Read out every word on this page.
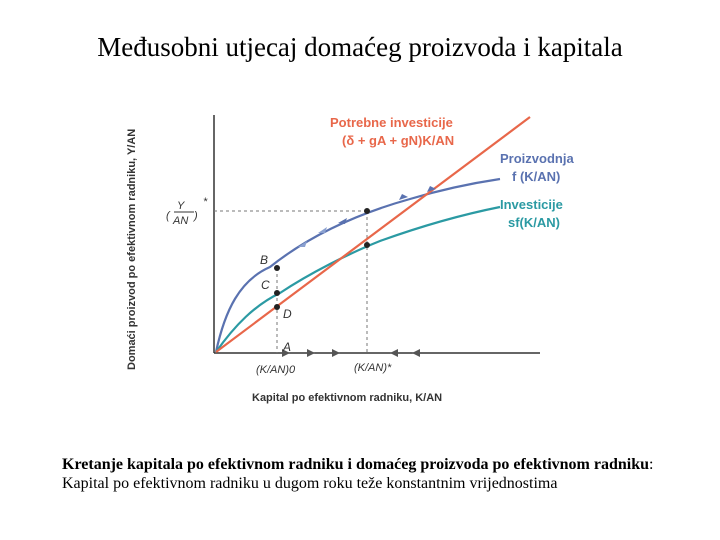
Međusobni utjecaj domaćeg proizvoda i kapitala
Domaći proizvod po efektivnom radniku, Y/AN	B
C
D
A
(
Y
AN )
*
(K/AN)0	(K/AN)*
Kapital po efektivnom radniku, K/AN
Potrebne investicije
(δ + gA + gN)K/AN
Proizvodnja
f (K/AN)
Investicije
sf(K/AN)
Kretanje kapitala po efektivnom radniku i domaćeg proizvoda po efektivnom radniku: Kapital po efektivnom radniku u dugom roku teže konstantnim vrijednostima
